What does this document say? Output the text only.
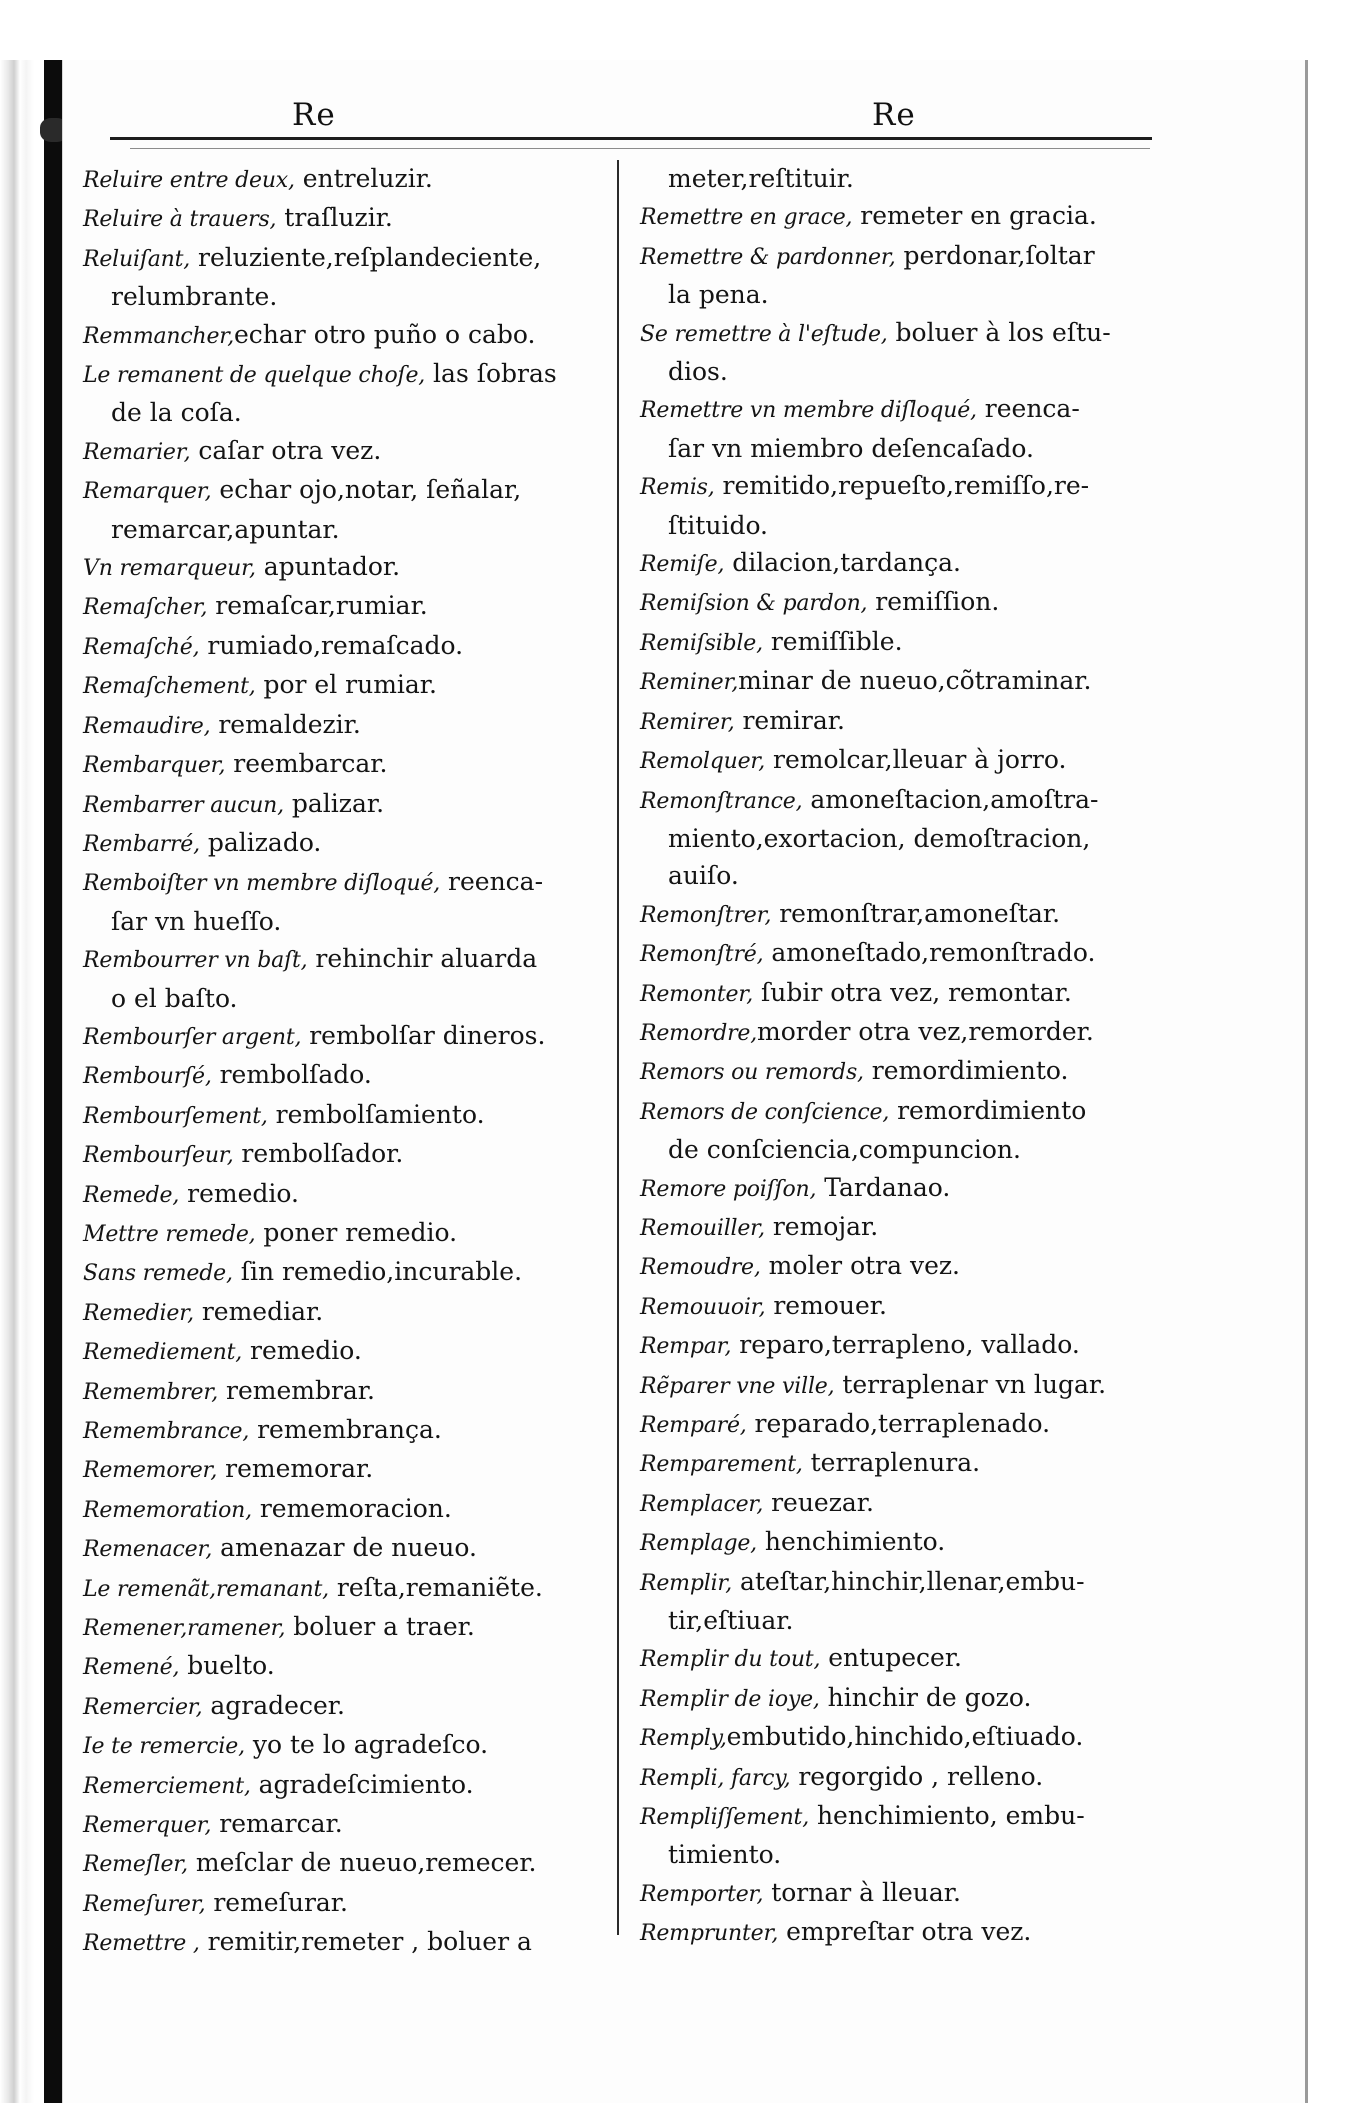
Re	Re

Reluire entre deux, entreluzir.

Reluire à trauers, traſluzir.

Reluiſant, reluziente,reſplandeciente,

relumbrante.

Remmancher,echar otro puño o cabo.

Le remanent de quelque choſe, las ſobras

de la coſa.

Remarier, caſar otra vez.

Remarquer, echar ojo,notar, ſeñalar,

remarcar,apuntar.

Vn remarqueur, apuntador.

Remaſcher, remaſcar,rumiar.

Remaſché, rumiado,remaſcado.

Remaſchement, por el rumiar.

Remaudire, remaldezir.

Rembarquer, reembarcar.

Rembarrer aucun, palizar.

Rembarré, palizado.

Remboiſter vn membre diſloqué, reenca-

ſar vn hueſſo.

Rembourrer vn baſt, rehinchir aluarda

o el baſto.

Rembourſer argent, rembolſar dineros.

Rembourſé, rembolſado.

Rembourſement, rembolſamiento.

Rembourſeur, rembolſador.

Remede, remedio.

Mettre remede, poner remedio.

Sans remede, ſin remedio,incurable.

Remedier, remediar.

Remediement, remedio.

Remembrer, remembrar.

Remembrance, remembrança.

Rememorer, rememorar.

Rememoration, rememoracion.

Remenacer, amenazar de nueuo.

Le remenãt,remanant, reſta,remaniẽte.

Remener,ramener, boluer a traer.

Remené, buelto.

Remercier, agradecer.

Ie te remercie, yo te lo agradeſco.

Remerciement, agradeſcimiento.

Remerquer, remarcar.

Remeſler, meſclar de nueuo,remecer.

Remeſurer, remeſurar.

Remettre , remitir,remeter , boluer a

meter,reſtituir.

Remettre en grace, remeter en gracia.

Remettre & pardonner, perdonar,ſoltar

la pena.

Se remettre à l'eſtude, boluer à los eſtu-

dios.

Remettre vn membre diſloqué, reenca-

ſar vn miembro deſencaſado.

Remis, remitido,repueſto,remiſſo,re-

ſtituido.

Remiſe, dilacion,tardança.

Remiſsion & pardon, remiſſion.

Remiſsible, remiſſible.

Reminer,minar de nueuo,cõtraminar.

Remirer, remirar.

Remolquer, remolcar,lleuar à jorro.

Remonſtrance, amoneſtacion,amoſtra-

miento,exortacion, demoſtracion,

auiſo.

Remonſtrer, remonſtrar,amoneſtar.

Remonſtré, amoneſtado,remonſtrado.

Remonter, ſubir otra vez, remontar.

Remordre,morder otra vez,remorder.

Remors ou remords, remordimiento.

Remors de conſcience, remordimiento

de conſciencia,compuncion.

Remore poiſſon, Tardanao.

Remouiller, remojar.

Remoudre, moler otra vez.

Remouuoir, remouer.

Rempar, reparo,terrapleno, vallado.

Rẽparer vne ville, terraplenar vn lugar.

Remparé, reparado,terraplenado.

Remparement, terraplenura.

Remplacer, reuezar.

Remplage, henchimiento.

Remplir, ateſtar,hinchir,llenar,embu-

tir,eſtiuar.

Remplir du tout, entupecer.

Remplir de ioye, hinchir de gozo.

Remply,embutido,hinchido,eſtiuado.

Rempli, farcy, regorgido , relleno.

Rempliſſement, henchimiento, embu-

timiento.

Remporter, tornar à lleuar.

Remprunter, empreſtar otra vez.
